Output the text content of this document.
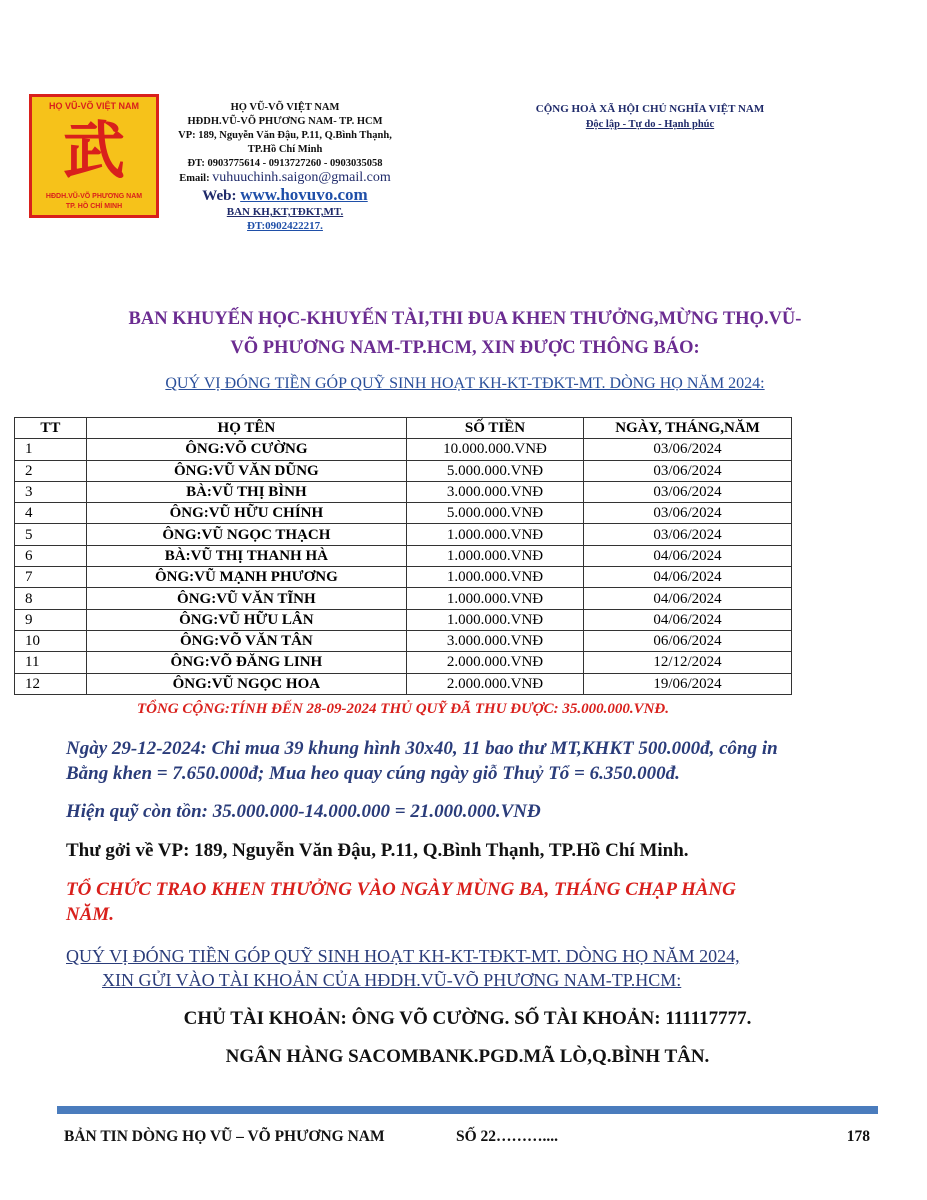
HỌ VŨ-VÕ VIỆT NAM
武
HĐDH.VŨ-VÕ PHƯƠNG NAM
TP. HỒ CHÍ MINH
HỌ VŨ-VÕ VIỆT NAM
HĐDH.VŨ-VÕ PHƯƠNG NAM- TP. HCM
VP: 189, Nguyễn Văn Đậu, P.11, Q.Bình Thạnh,
TP.Hồ Chí Minh
ĐT: 0903775614 - 0913727260 - 0903035058
Email: vuhuuchinh.saigon@gmail.com
Web: www.hovuvo.com
BAN KH,KT,TĐKT,MT.
ĐT:0902422217.
CỘNG HOÀ XÃ HỘI CHỦ NGHĨA VIỆT NAM
Độc lập - Tự do - Hạnh phúc
BAN KHUYẾN HỌC-KHUYẾN TÀI,THI ĐUA KHEN THƯỞNG,MỪNG THỌ.VŨ-
VÕ PHƯƠNG NAM-TP.HCM, XIN ĐƯỢC THÔNG BÁO:
QUÝ VỊ ĐÓNG TIỀN GÓP QUỸ SINH HOẠT KH-KT-TĐKT-MT. DÒNG HỌ NĂM 2024:
TT	HỌ TÊN	SỐ TIỀN	NGÀY, THÁNG,NĂM
1	ÔNG:VÕ CƯỜNG	10.000.000.VNĐ	03/06/2024
2	ÔNG:VŨ VĂN DŨNG	5.000.000.VNĐ	03/06/2024
3	BÀ:VŨ THỊ BÌNH	3.000.000.VNĐ	03/06/2024
4	ÔNG:VŨ HỮU CHÍNH	5.000.000.VNĐ	03/06/2024
5	ÔNG:VŨ NGỌC THẠCH	1.000.000.VNĐ	03/06/2024
6	BÀ:VŨ THỊ THANH HÀ	1.000.000.VNĐ	04/06/2024
7	ÔNG:VŨ MẠNH PHƯƠNG	1.000.000.VNĐ	04/06/2024
8	ÔNG:VŨ VĂN TĨNH	1.000.000.VNĐ	04/06/2024
9	ÔNG:VŨ HỮU LÂN	1.000.000.VNĐ	04/06/2024
10	ÔNG:VÕ VĂN TÂN	3.000.000.VNĐ	06/06/2024
11	ÔNG:VÕ ĐĂNG LINH	2.000.000.VNĐ	12/12/2024
12	ÔNG:VŨ NGỌC HOA	2.000.000.VNĐ	19/06/2024
TỔNG CỘNG:TÍNH ĐẾN 28-09-2024 THỦ QUỸ ĐÃ THU ĐƯỢC: 35.000.000.VNĐ.
Ngày 29-12-2024: Chi mua 39 khung hình 30x40, 11 bao thư MT,KHKT 500.000đ, công in
Bằng khen = 7.650.000đ; Mua heo quay cúng ngày giỗ Thuỷ Tổ = 6.350.000đ.
Hiện quỹ còn tồn: 35.000.000-14.000.000 = 21.000.000.VNĐ
Thư gởi về VP: 189, Nguyễn Văn Đậu, P.11, Q.Bình Thạnh, TP.Hồ Chí Minh.
TỔ CHỨC TRAO KHEN THƯỞNG VÀO NGÀY MÙNG BA, THÁNG CHẠP HÀNG
NĂM.
QUÝ VỊ ĐÓNG TIỀN GÓP QUỸ SINH HOẠT KH-KT-TĐKT-MT. DÒNG HỌ NĂM 2024,
XIN GỬI VÀO TÀI KHOẢN CỦA HĐDH.VŨ-VÕ PHƯƠNG NAM-TP.HCM:
CHỦ TÀI KHOẢN: ÔNG VÕ CƯỜNG. SỐ TÀI KHOẢN: 111117777.
NGÂN HÀNG SACOMBANK.PGD.MÃ LÒ,Q.BÌNH TÂN.
BẢN TIN DÒNG HỌ VŨ – VÕ PHƯƠNG NAM	SỐ 22………....	178
